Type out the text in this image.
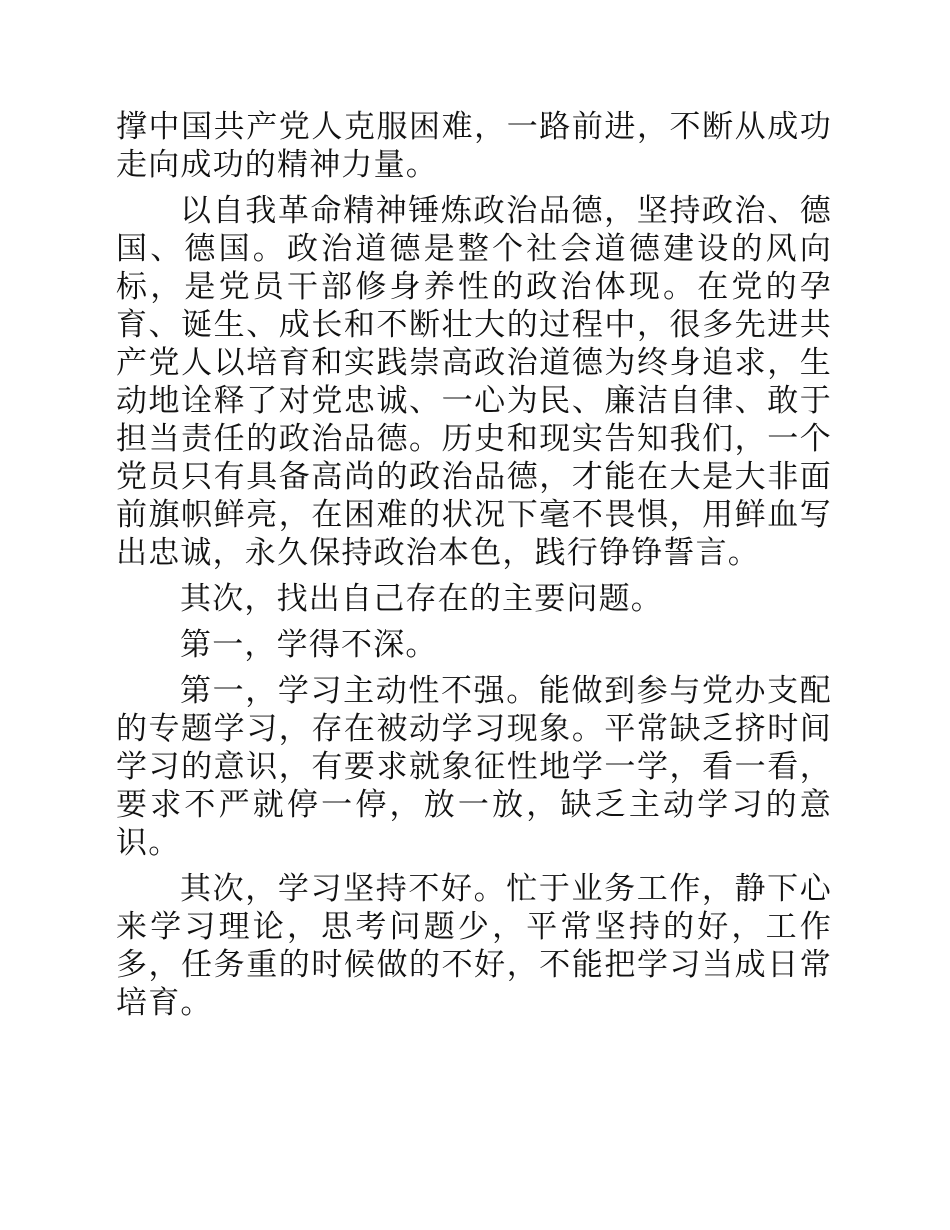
撑中国共产党人克服困难，一路前进，不断从成功走向成功的精神力量。

以自我革命精神锤炼政治品德，坚持政治、德国、德国。政治道德是整个社会道德建设的风向标，是党员干部修身养性的政治体现。在党的孕育、诞生、成长和不断壮大的过程中，很多先进共产党人以培育和实践崇高政治道德为终身追求，生动地诠释了对党忠诚、一心为民、廉洁自律、敢于担当责任的政治品德。历史和现实告知我们，一个党员只有具备高尚的政治品德，才能在大是大非面前旗帜鲜亮，在困难的状况下毫不畏惧，用鲜血写出忠诚，永久保持政治本色，践行铮铮誓言。

其次，找出自己存在的主要问题。

第一，学得不深。

第一，学习主动性不强。能做到参与党办支配的专题学习，存在被动学习现象。平常缺乏挤时间学习的意识，有要求就象征性地学一学，看一看，要求不严就停一停，放一放，缺乏主动学习的意识。

其次，学习坚持不好。忙于业务工作，静下心来学习理论，思考问题少，平常坚持的好，工作多，任务重的时候做的不好，不能把学习当成日常培育。
